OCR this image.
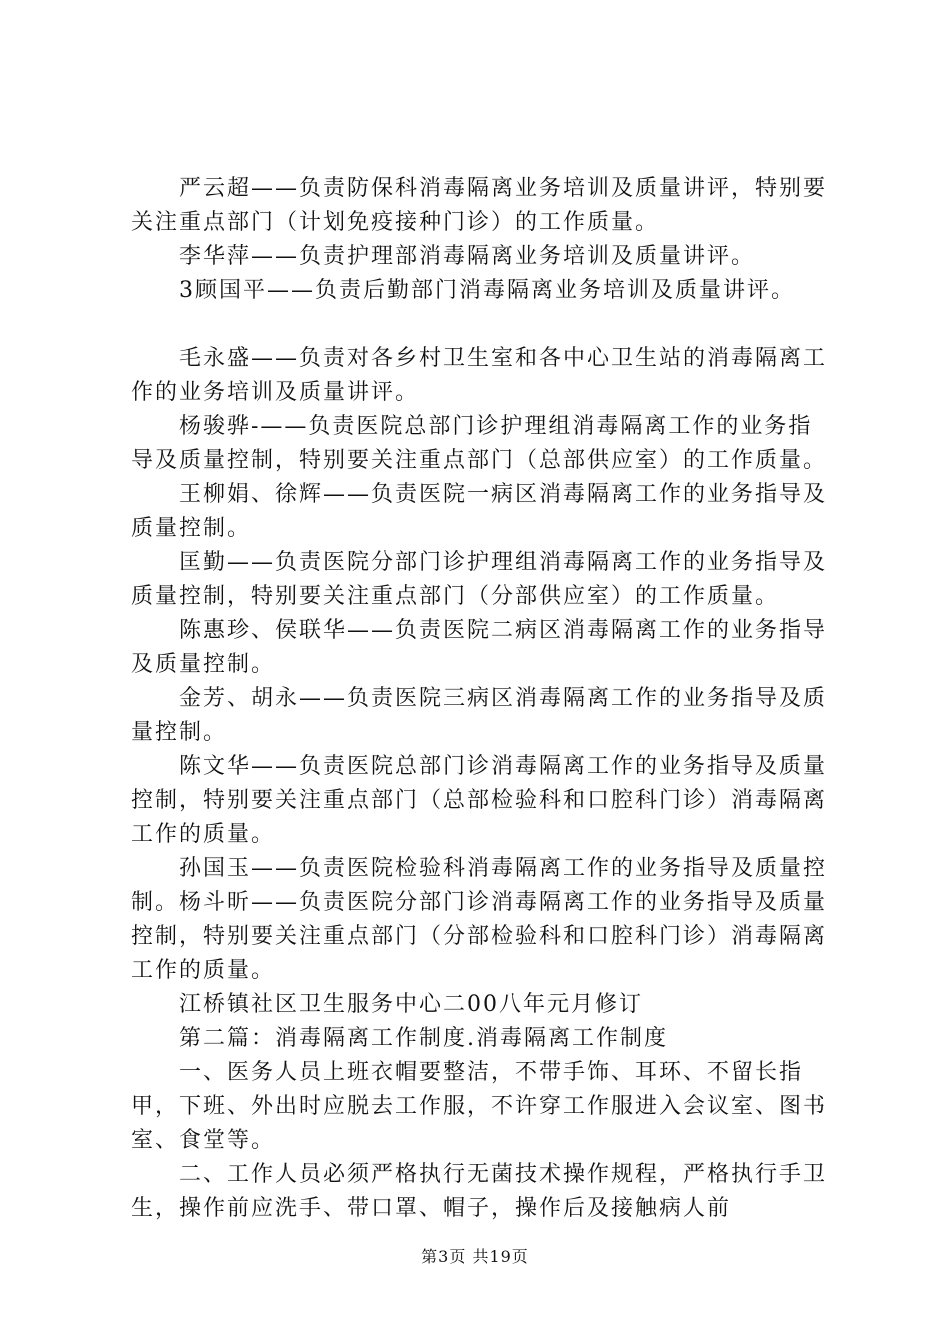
严云超——负责防保科消毒隔离业务培训及质量讲评，特别要关注重点部门（计划免疫接种门诊）的工作质量。

李华萍——负责护理部消毒隔离业务培训及质量讲评。

3顾国平——负责后勤部门消毒隔离业务培训及质量讲评。

毛永盛——负责对各乡村卫生室和各中心卫生站的消毒隔离工作的业务培训及质量讲评。

杨骏骅-——负责医院总部门诊护理组消毒隔离工作的业务指导及质量控制，特别要关注重点部门（总部供应室）的工作质量。

王柳娟、徐辉——负责医院一病区消毒隔离工作的业务指导及质量控制。

匡勤——负责医院分部门诊护理组消毒隔离工作的业务指导及质量控制，特别要关注重点部门（分部供应室）的工作质量。

陈惠珍、侯联华——负责医院二病区消毒隔离工作的业务指导及质量控制。

金芳、胡永——负责医院三病区消毒隔离工作的业务指导及质量控制。

陈文华——负责医院总部门诊消毒隔离工作的业务指导及质量控制，特别要关注重点部门（总部检验科和口腔科门诊）消毒隔离工作的质量。

孙国玉——负责医院检验科消毒隔离工作的业务指导及质量控制。杨斗昕——负责医院分部门诊消毒隔离工作的业务指导及质量控制，特别要关注重点部门（分部检验科和口腔科门诊）消毒隔离工作的质量。

江桥镇社区卫生服务中心二00八年元月修订

第二篇：消毒隔离工作制度.消毒隔离工作制度

一、医务人员上班衣帽要整洁，不带手饰、耳环、不留长指甲，下班、外出时应脱去工作服，不许穿工作服进入会议室、图书室、食堂等。

二、工作人员必须严格执行无菌技术操作规程，严格执行手卫生，操作前应洗手、带口罩、帽子，操作后及接触病人前

第3页 共19页
